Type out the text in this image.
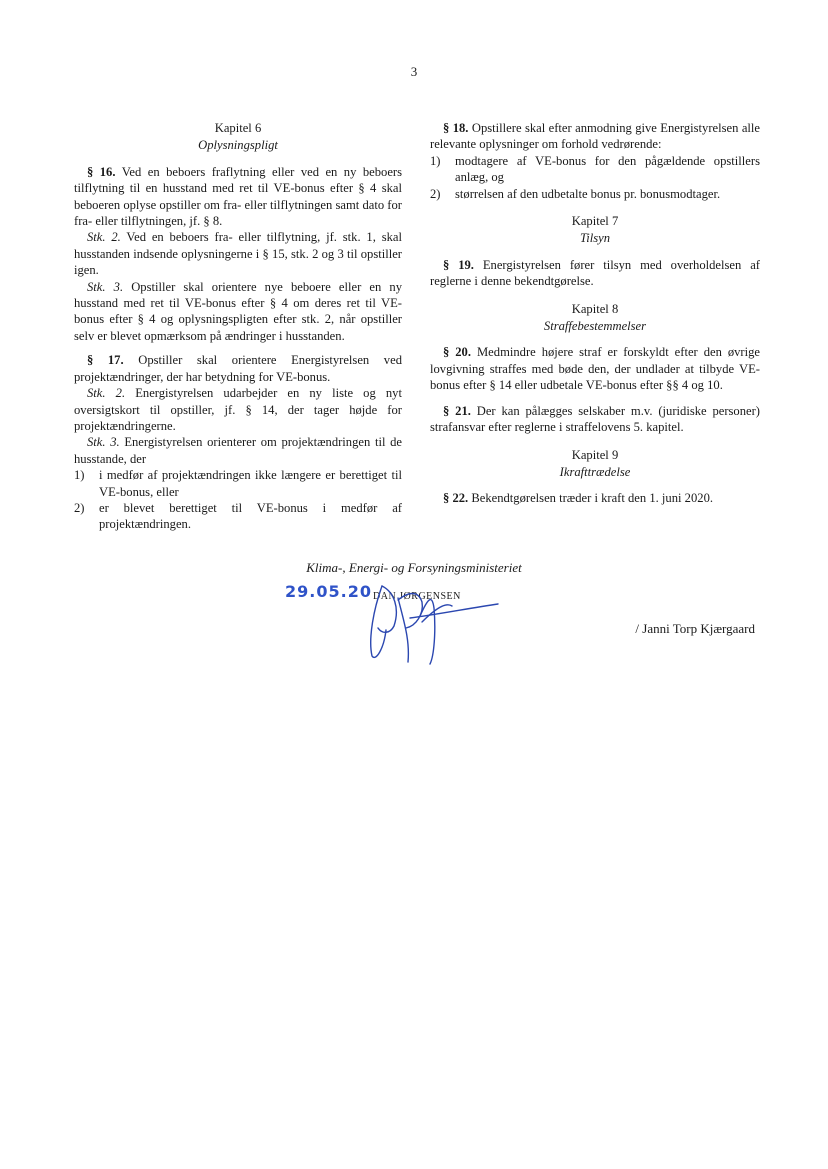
3

Kapitel 6

Oplysningspligt

§ 16. Ved en beboers fraflytning eller ved en ny beboers tilflytning til en husstand med ret til VE-bonus efter § 4 skal beboeren oplyse opstiller om fra- eller tilflytningen samt dato for fra- eller tilflytningen, jf. § 8.

Stk. 2. Ved en beboers fra- eller tilflytning, jf. stk. 1, skal husstanden indsende oplysningerne i § 15, stk. 2 og 3 til opstiller igen.

Stk. 3. Opstiller skal orientere nye beboere eller en ny husstand med ret til VE-bonus efter § 4 om deres ret til VE-bonus efter § 4 og oplysningspligten efter stk. 2, når opstiller selv er blevet opmærksom på ændringer i husstanden.

§ 17. Opstiller skal orientere Energistyrelsen ved projektændringer, der har betydning for VE-bonus.

Stk. 2. Energistyrelsen udarbejder en ny liste og nyt oversigtskort til opstiller, jf. § 14, der tager højde for projektændringerne.

Stk. 3. Energistyrelsen orienterer om projektændringen til de husstande, der

1)	i medfør af projektændringen ikke længere er berettiget til VE-bonus, eller
2)	er blevet berettiget til VE-bonus i medfør af projektændringen.

§ 18. Opstillere skal efter anmodning give Energistyrelsen alle relevante oplysninger om forhold vedrørende:

1)	modtagere af VE-bonus for den pågældende opstillers anlæg, og
2)	størrelsen af den udbetalte bonus pr. bonusmodtager.

Kapitel 7

Tilsyn

§ 19. Energistyrelsen fører tilsyn med overholdelsen af reglerne i denne bekendtgørelse.

Kapitel 8

Straffebestemmelser

§ 20. Medmindre højere straf er forskyldt efter den øvrige lovgivning straffes med bøde den, der undlader at tilbyde VE-bonus efter § 14 eller udbetale VE-bonus efter §§ 4 og 10.

§ 21. Der kan pålægges selskaber m.v. (juridiske personer) strafansvar efter reglerne i straffelovens 5. kapitel.

Kapitel 9

Ikrafttrædelse

§ 22. Bekendtgørelsen træder i kraft den 1. juni 2020.

Klima-, Energi- og Forsyningsministeriet
29.05.20 DAN JØRGENSEN
/ Janni Torp Kjærgaard
